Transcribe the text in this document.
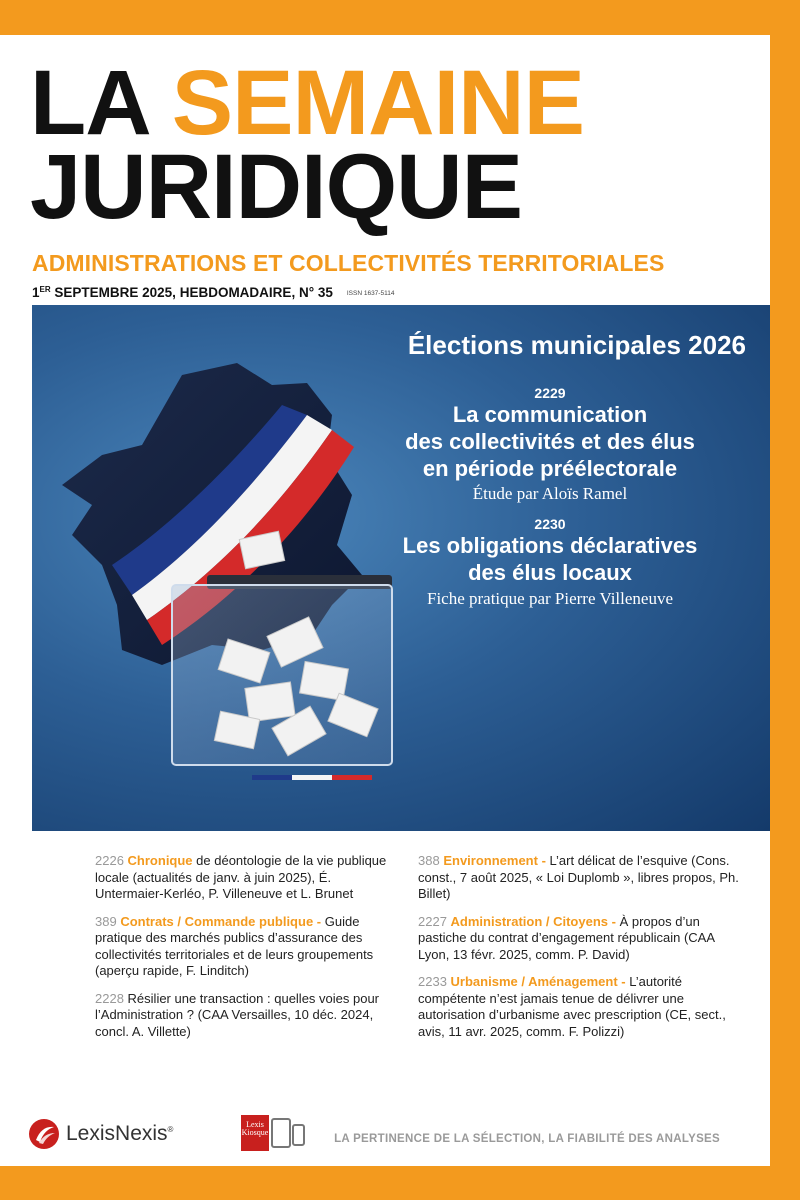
LA SEMAINE
JURIDIQUE
ADMINISTRATIONS ET COLLECTIVITÉS TERRITORIALES
1ER SEPTEMBRE 2025, HEBDOMADAIRE, N° 35 ISSN 1637-5114
Élections municipales 2026
2229
La communication
des collectivités et des élus
en période préélectorale
Étude par Aloïs Ramel
2230
Les obligations déclaratives
des élus locaux
Fiche pratique par Pierre Villeneuve
2226 Chronique de déontologie de la vie publique locale (actualités de janv. à juin 2025), É. Untermaier-Kerléo, P. Villeneuve et L. Brunet
389 Contrats / Commande publique - Guide pratique des marchés publics d’assurance des collectivités territoriales et de leurs groupements (aperçu rapide, F. Linditch)
2228 Résilier une transaction : quelles voies pour l’Administration ? (CAA Versailles, 10 déc. 2024, concl. A. Villette)
388 Environnement - L’art délicat de l’esquive (Cons. const., 7 août 2025, « Loi Duplomb », libres propos, Ph. Billet)
2227 Administration / Citoyens - À propos d’un pastiche du contrat d’engagement républicain (CAA Lyon, 13 févr. 2025, comm. P. David)
2233 Urbanisme / Aménagement - L’autorité compétente n’est jamais tenue de délivrer une autorisation d’urbanisme avec prescription (CE, sect., avis, 11 avr. 2025, comm. F. Polizzi)
LexisNexis®
Lexis
Kiosque
LA PERTINENCE DE LA SÉLECTION, LA FIABILITÉ DES ANALYSES
